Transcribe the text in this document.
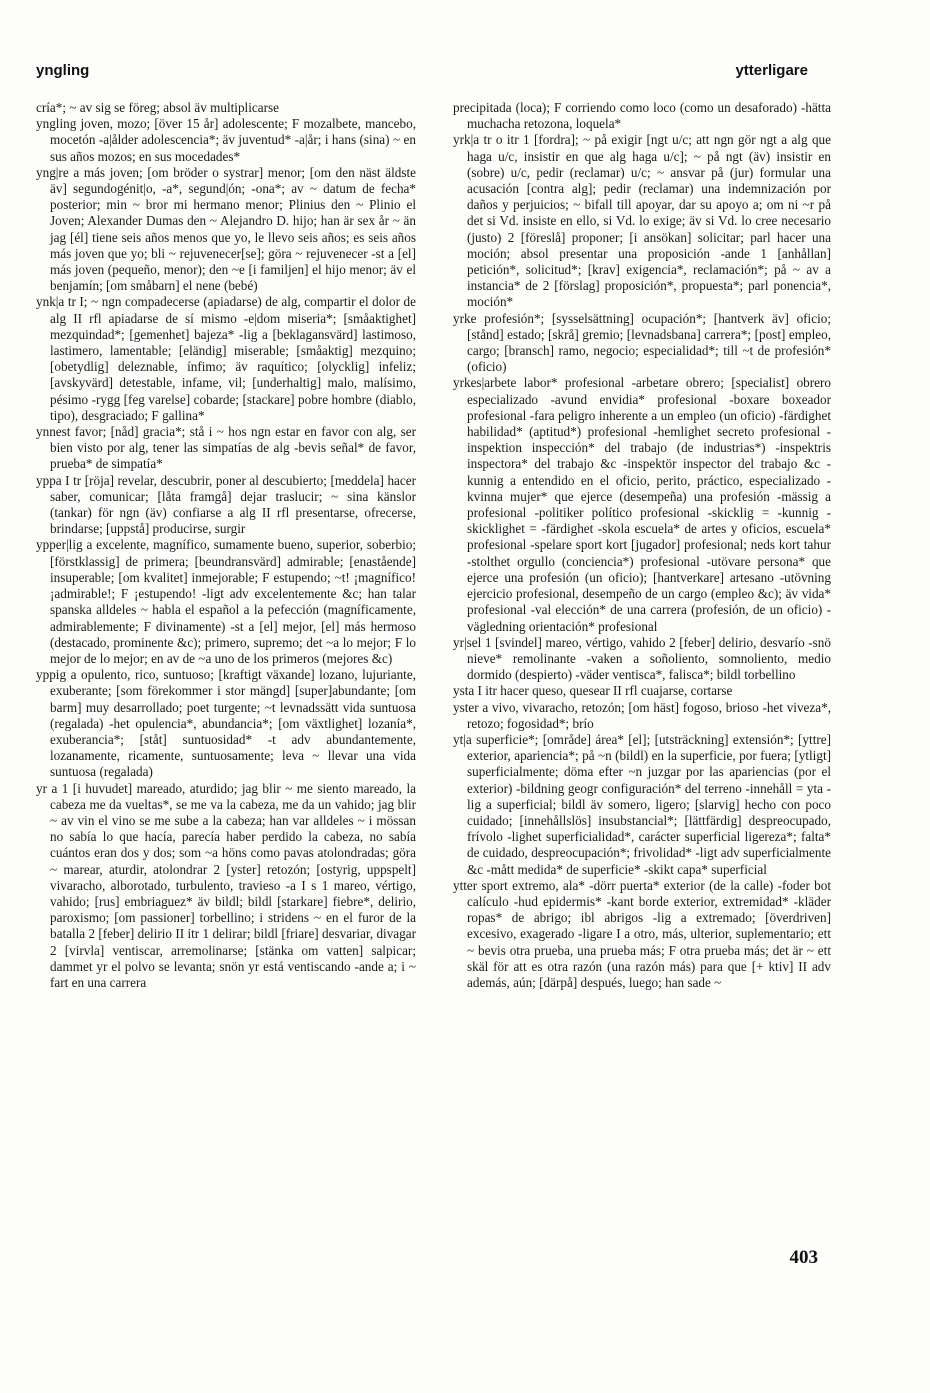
yngling	ytterligare

cría*; ~ av sig se föreg; absol äv multiplicarse

yngling joven, mozo; [över 15 år] adolescente; F mozalbete, mancebo, mocetón -a|ålder adolescencia*; äv juventud* -a|år; i hans (sina) ~ en sus años mozos; en sus mocedades*

yng|re a más joven; [om bröder o systrar] menor; [om den näst äldste äv] segundogénit|o, -a*, segund|ón; -ona*; av ~ datum de fecha* posterior; min ~ bror mi hermano menor; Plinius den ~ Plinio el Joven; Alexander Dumas den ~ Alejandro D. hijo; han är sex år ~ än jag [él] tiene seis años menos que yo, le llevo seis años; es seis años más joven que yo; bli ~ rejuvenecer[se]; göra ~ rejuvenecer -st a [el] más joven (pequeño, menor); den ~e [i familjen] el hijo menor; äv el benjamín; [om småbarn] el nene (bebé)

ynk|a tr I; ~ ngn compadecerse (apiadarse) de alg, compartir el dolor de alg II rfl apiadarse de sí mismo -e|dom miseria*; [småaktighet] mezquindad*; [gemenhet] bajeza* -lig a [beklagansvärd] lastimoso, lastimero, lamentable; [eländig] miserable; [småaktig] mezquino; [obetydlig] deleznable, ínfimo; äv raquítico; [olycklig] infeliz; [avskyvärd] detestable, infame, vil; [underhaltig] malo, malísimo, pésimo -rygg [feg varelse] cobarde; [stackare] pobre hombre (diablo, tipo), desgraciado; F gallina*

ynnest favor; [nåd] gracia*; stå i ~ hos ngn estar en favor con alg, ser bien visto por alg, tener las simpatías de alg -bevis señal* de favor, prueba* de simpatía*

yppa I tr [röja] revelar, descubrir, poner al descubierto; [meddela] hacer saber, comunicar; [låta framgå] dejar traslucir; ~ sina känslor (tankar) för ngn (äv) confiarse a alg II rfl presentarse, ofrecerse, brindarse; [uppstå] producirse, surgir

ypper|lig a excelente, magnífico, sumamente bueno, superior, soberbio; [förstklassig] de primera; [beundransvärd] admirable; [enastående] insuperable; [om kvalitet] inmejorable; F estupendo; ~t! ¡magnífico! ¡admirable!; F ¡estupendo! -ligt adv excelentemente &c; han talar spanska alldeles ~ habla el español a la pefección (magníficamente, admirablemente; F divinamente) -st a [el] mejor, [el] más hermoso (destacado, prominente &c); primero, supremo; det ~a lo mejor; F lo mejor de lo mejor; en av de ~a uno de los primeros (mejores &c)

yppig a opulento, rico, suntuoso; [kraftigt växande] lozano, lujuriante, exuberante; [som förekommer i stor mängd] [super]abundante; [om barm] muy desarrollado; poet turgente; ~t levnadssätt vida suntuosa (regalada) -het opulencia*, abundancia*; [om växtlighet] lozanía*, exuberancia*; [ståt] suntuosidad* -t adv abundantemente, lozanamente, ricamente, suntuosamente; leva ~ llevar una vida suntuosa (regalada)

yr a 1 [i huvudet] mareado, aturdido; jag blir ~ me siento mareado, la cabeza me da vueltas*, se me va la cabeza, me da un vahido; jag blir ~ av vin el vino se me sube a la cabeza; han var alldeles ~ i mössan no sabía lo que hacía, parecía haber perdido la cabeza, no sabía cuántos eran dos y dos; som ~a höns como pavas atolondradas; göra ~ marear, aturdir, atolondrar 2 [yster] retozón; [ostyrig, uppspelt] vivaracho, alborotado, turbulento, travieso -a I s 1 mareo, vértigo, vahido; [rus] embriaguez* äv bildl; bildl [starkare] fiebre*, delirio, paroxismo; [om passioner] torbellino; i stridens ~ en el furor de la batalla 2 [feber] delirio II itr 1 delirar; bildl [friare] desvariar, divagar 2 [virvla] ventiscar, arremolinarse; [stänka om vatten] salpicar; dammet yr el polvo se levanta; snön yr está ventiscando -ande a; i ~ fart en una carrera

precipitada (loca); F corriendo como loco (como un desaforado) -hätta muchacha retozona, loquela*

yrk|a tr o itr 1 [fordra]; ~ på exigir [ngt u/c; att ngn gör ngt a alg que haga u/c, insistir en que alg haga u/c]; ~ på ngt (äv) insistir en (sobre) u/c, pedir (reclamar) u/c; ~ ansvar på (jur) formular una acusación [contra alg]; pedir (reclamar) una indemnización por daños y perjuicios; ~ bifall till apoyar, dar su apoyo a; om ni ~r på det si Vd. insiste en ello, si Vd. lo exige; äv si Vd. lo cree necesario (justo) 2 [föreslå] proponer; [i ansökan] solicitar; parl hacer una moción; absol presentar una proposición -ande 1 [anhållan] petición*, solicitud*; [krav] exigencia*, reclamación*; på ~ av a instancia* de 2 [förslag] proposición*, propuesta*; parl ponencia*, moción*

yrke profesión*; [sysselsättning] ocupación*; [hantverk äv] oficio; [stånd] estado; [skrå] gremio; [levnadsbana] carrera*; [post] empleo, cargo; [bransch] ramo, negocio; especialidad*; till ~t de profesión* (oficio)

yrkes|arbete labor* profesional -arbetare obrero; [specialist] obrero especializado -avund envidia* profesional -boxare boxeador profesional -fara peligro inherente a un empleo (un oficio) -färdighet habilidad* (aptitud*) profesional -hemlighet secreto profesional -inspektion inspección* del trabajo (de industrias*) -inspektris inspectora* del trabajo &c -inspektör inspector del trabajo &c -kunnig a entendido en el oficio, perito, práctico, especializado -kvinna mujer* que ejerce (desempeña) una profesión -mässig a profesional -politiker político profesional -skicklig = -kunnig -skicklighet = -färdighet -skola escuela* de artes y oficios, escuela* profesional -spelare sport kort [jugador] profesional; neds kort tahur -stolthet orgullo (conciencia*) profesional -utövare persona* que ejerce una profesión (un oficio); [hantverkare] artesano -utövning ejercicio profesional, desempeño de un cargo (empleo &c); äv vida* profesional -val elección* de una carrera (profesión, de un oficio) -vägledning orientación* profesional

yr|sel 1 [svindel] mareo, vértigo, vahido 2 [feber] delirio, desvarío -snö nieve* remolinante -vaken a soñoliento, somnoliento, medio dormido (despierto) -väder ventisca*, falisca*; bildl torbellino

ysta I itr hacer queso, quesear II rfl cuajarse, cortarse

yster a vivo, vivaracho, retozón; [om häst] fogoso, brioso -het viveza*, retozo; fogosidad*; brío

yt|a superficie*; [område] área* [el]; [utsträckning] extensión*; [yttre] exterior, apariencia*; på ~n (bildl) en la superficie, por fuera; [ytligt] superficialmente; döma efter ~n juzgar por las apariencias (por el exterior) -bildning geogr configuración* del terreno -innehåll = yta -lig a superficial; bildl äv somero, ligero; [slarvig] hecho con poco cuidado; [innehållslös] insubstancial*; [lättfärdig] despreocupado, frívolo -lighet superficialidad*, carácter superficial ligereza*; falta* de cuidado, despreocupación*; frivolidad* -ligt adv superficialmente &c -mått medida* de superficie* -skikt capa* superficial

ytter sport extremo, ala* -dörr puerta* exterior (de la calle) -foder bot calículo -hud epidermis* -kant borde exterior, extremidad* -kläder ropas* de abrigo; ibl abrigos -lig a extremado; [överdriven] excesivo, exagerado -ligare I a otro, más, ulterior, suplementario; ett ~ bevis otra prueba, una prueba más; F otra prueba más; det är ~ ett skäl för att es otra razón (una razón más) para que [+ ktiv] II adv además, aún; [därpå] después, luego; han sade ~

403
